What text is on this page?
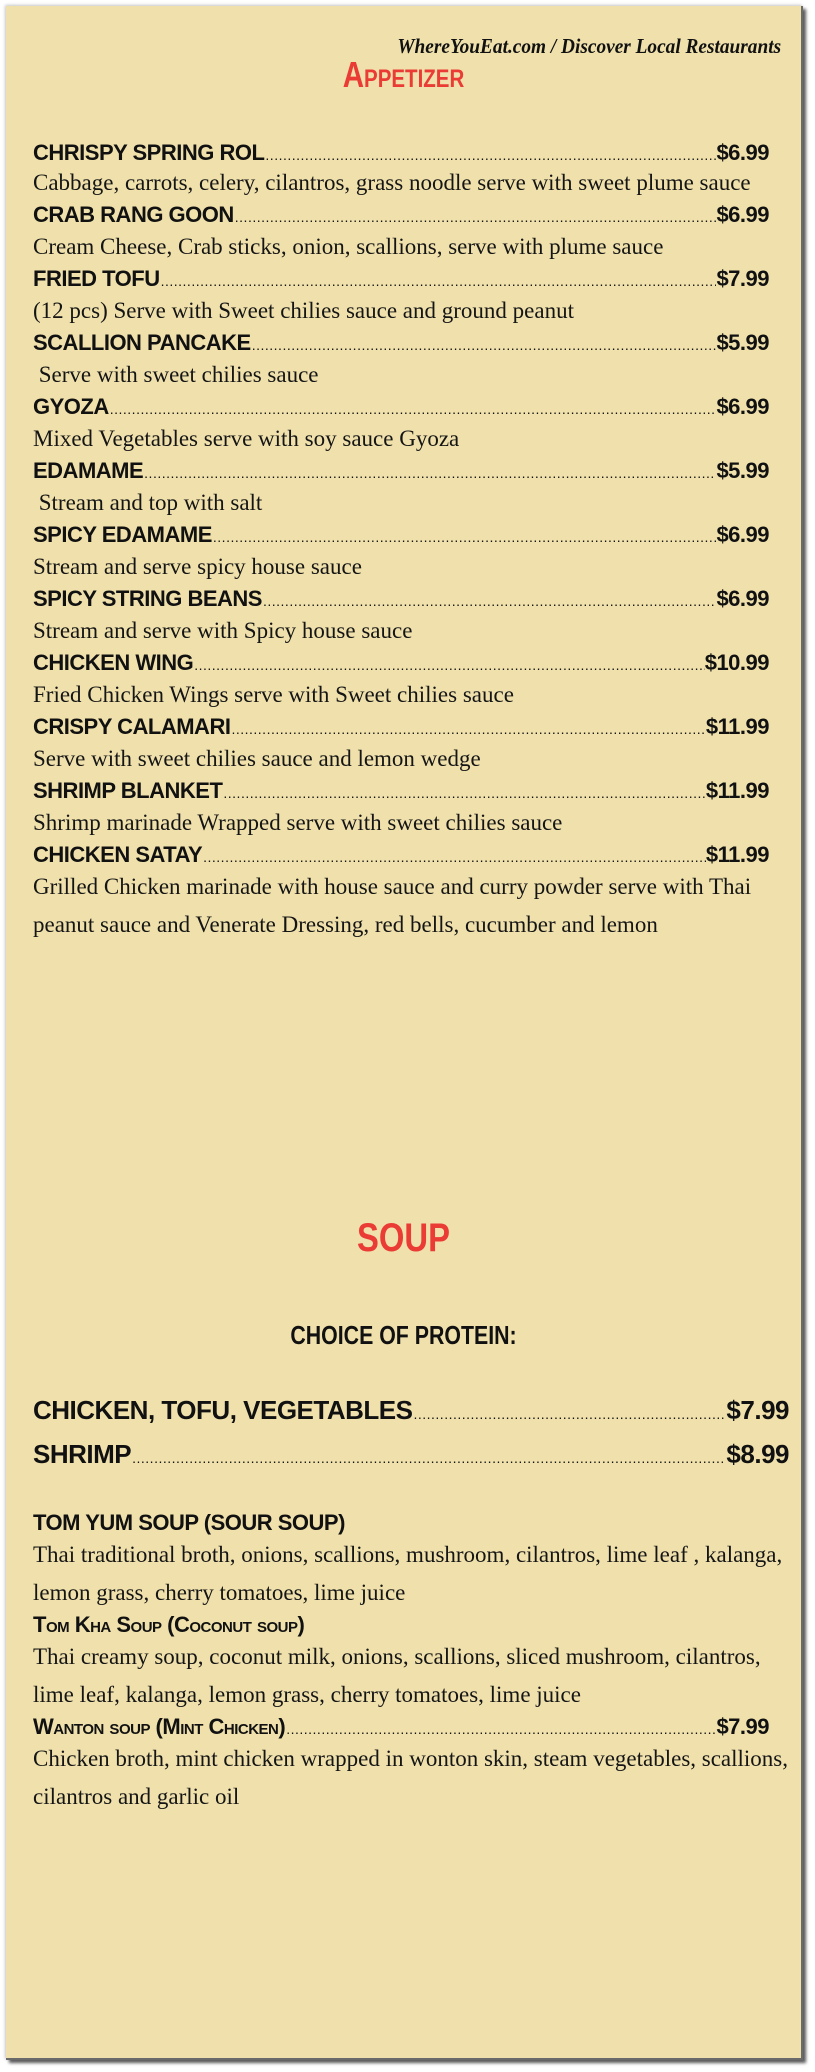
WhereYouEat.com / Discover Local Restaurants
Appetizer
CHRISPY SPRING ROL .....	$6.99
Cabbage, carrots, celery, cilantros, grass noodle serve with sweet plume sauce
CRAB RANG GOON .....	$6.99
Cream Cheese, Crab sticks, onion, scallions, serve with plume sauce
FRIED TOFU .....	$7.99
(12 pcs) Serve with Sweet chilies sauce and ground peanut
SCALLION PANCAKE .....	$5.99
Serve with sweet chilies sauce
GYOZA .....	$6.99
Mixed Vegetables serve with soy sauce Gyoza
EDAMAME .....	$5.99
Stream and top with salt
SPICY EDAMAME .....	$6.99
Stream and serve spicy house sauce
SPICY STRING BEANS .....	$6.99
Stream and serve with Spicy house sauce
CHICKEN WING .....	$10.99
Fried Chicken Wings serve with Sweet chilies sauce
CRISPY CALAMARI .....	$11.99
Serve with sweet chilies sauce and lemon wedge
SHRIMP BLANKET .....	$11.99
Shrimp marinade Wrapped serve with sweet chilies sauce
CHICKEN SATAY .....	$11.99
Grilled Chicken marinade with house sauce and curry powder serve with Thai peanut sauce and Venerate Dressing, red bells, cucumber and lemon
SOUP
CHOICE OF PROTEIN:
CHICKEN, TOFU, VEGETABLES .....	$7.99
SHRIMP .....	$8.99
TOM YUM SOUP (SOUR SOUP)
Thai traditional broth, onions, scallions, mushroom, cilantros, lime leaf , kalanga, lemon grass, cherry tomatoes, lime juice
Tom Kha Soup (Coconut soup)
Thai creamy soup, coconut milk, onions, scallions, sliced mushroom, cilantros, lime leaf, kalanga, lemon grass, cherry tomatoes, lime juice
Wanton soup (Mint Chicken) .....	$7.99
Chicken broth, mint chicken wrapped in wonton skin, steam vegetables, scallions, cilantros and garlic oil
